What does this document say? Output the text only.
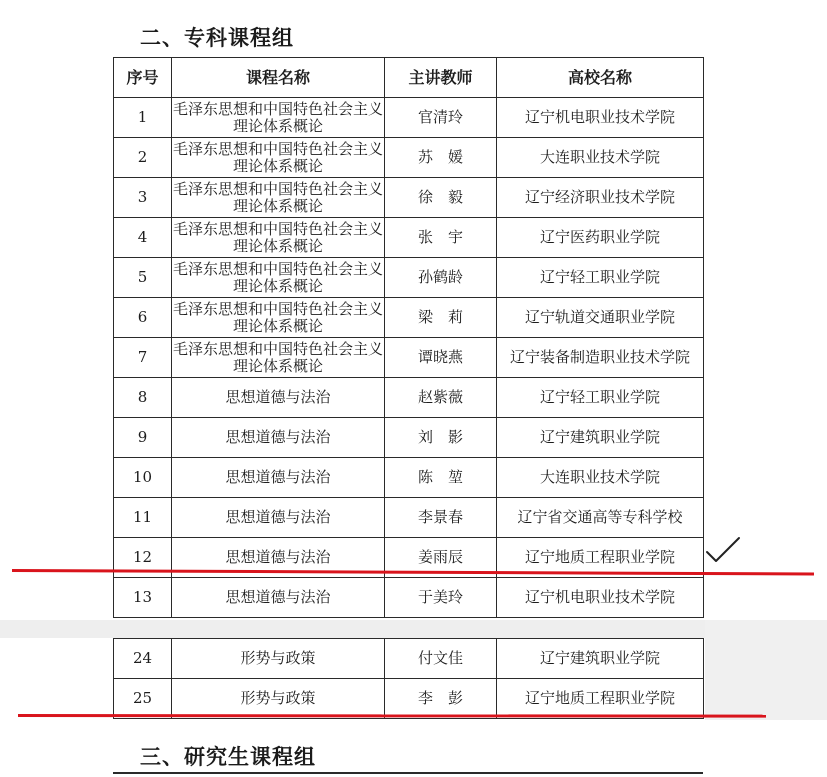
二、专科课程组
序号	课程名称	主讲教师	高校名称
1	毛泽东思想和中国特色社会主义理论体系概论	官清玲	辽宁机电职业技术学院
2	毛泽东思想和中国特色社会主义理论体系概论	苏　媛	大连职业技术学院
3	毛泽东思想和中国特色社会主义理论体系概论	徐　毅	辽宁经济职业技术学院
4	毛泽东思想和中国特色社会主义理论体系概论	张　宇	辽宁医药职业学院
5	毛泽东思想和中国特色社会主义理论体系概论	孙鹤龄	辽宁轻工职业学院
6	毛泽东思想和中国特色社会主义理论体系概论	梁　莉	辽宁轨道交通职业学院
7	毛泽东思想和中国特色社会主义理论体系概论	谭晓燕	辽宁装备制造职业技术学院
8	思想道德与法治	赵紫薇	辽宁轻工职业学院
9	思想道德与法治	刘　影	辽宁建筑职业学院
10	思想道德与法治	陈　堃	大连职业技术学院
11	思想道德与法治	李景春	辽宁省交通高等专科学校
12	思想道德与法治	姜雨辰	辽宁地质工程职业学院
13	思想道德与法治	于美玲	辽宁机电职业技术学院
24	形势与政策	付文佳	辽宁建筑职业学院
25	形势与政策	李　彭	辽宁地质工程职业学院
三、研究生课程组
